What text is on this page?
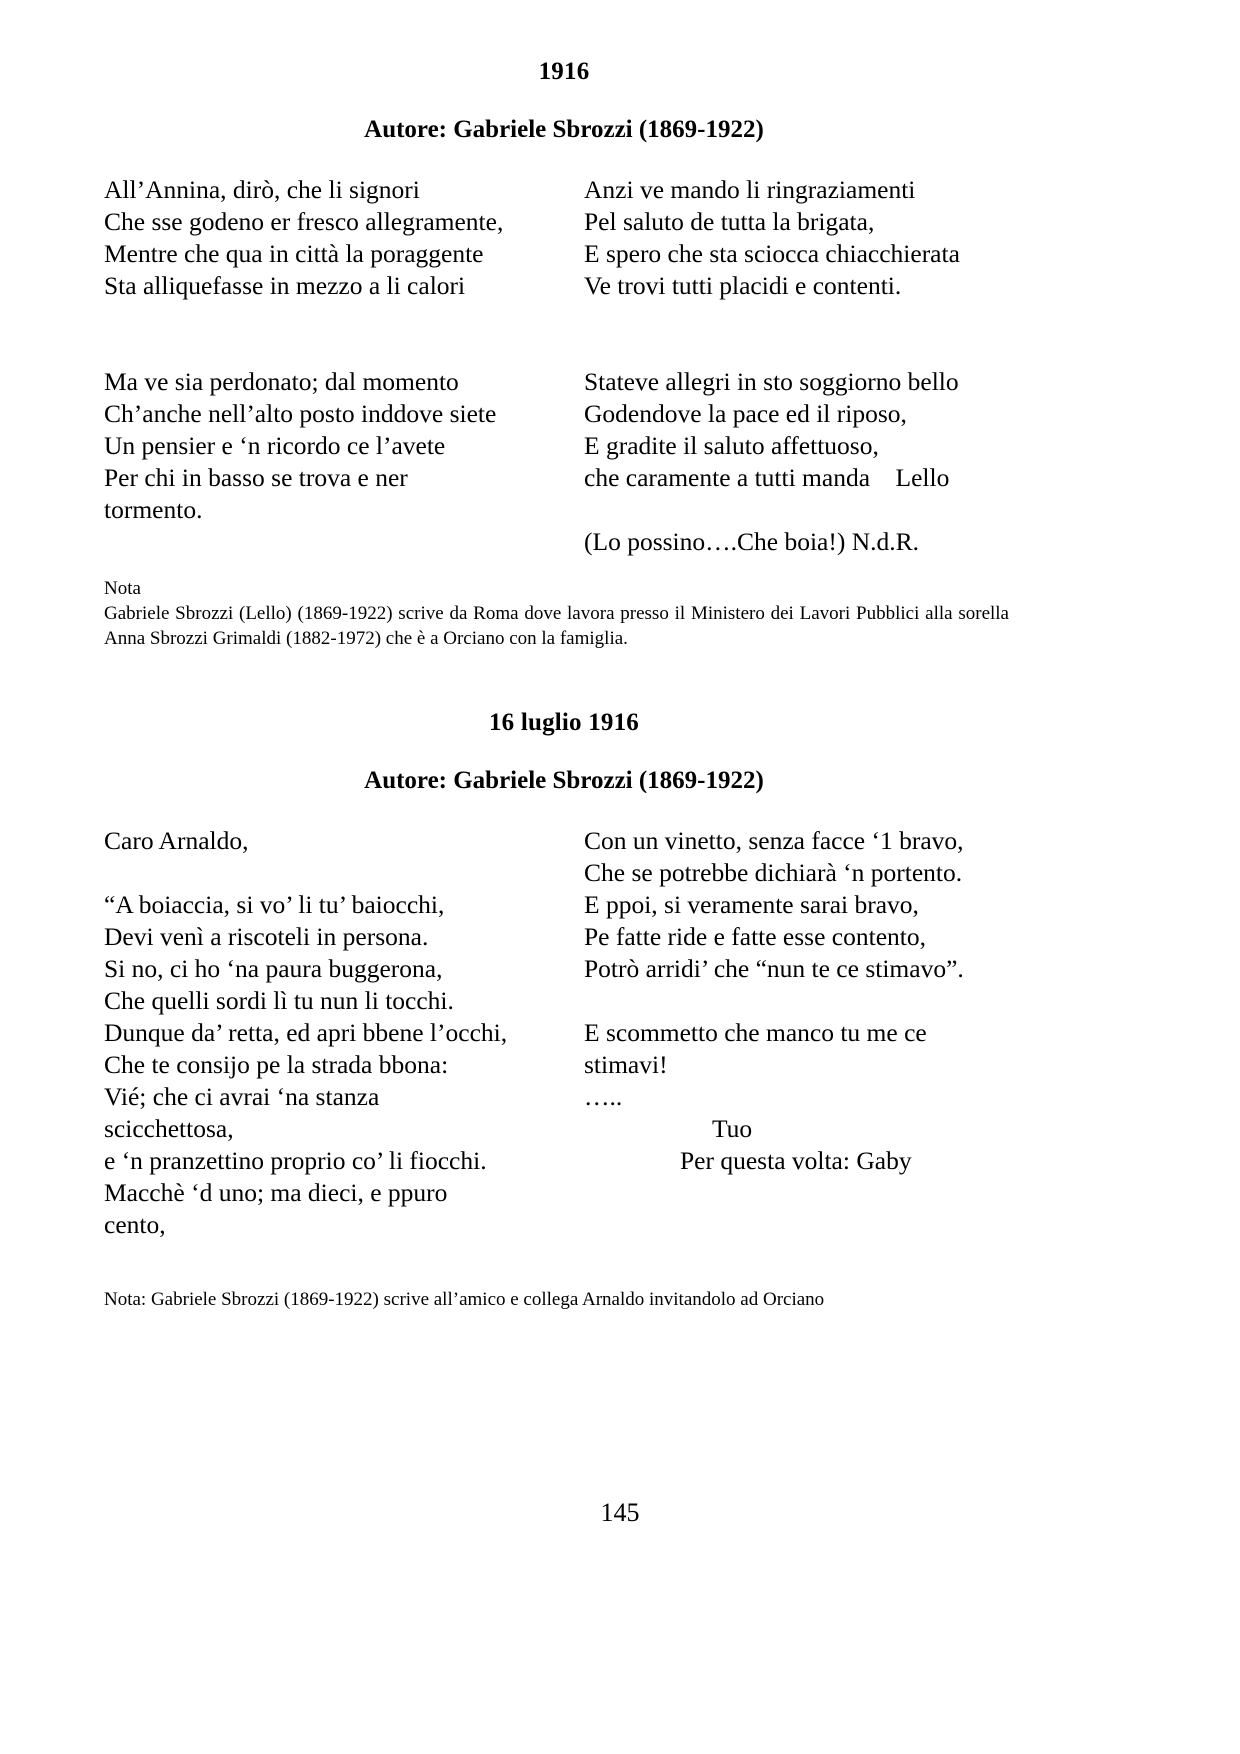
1916
Autore: Gabriele Sbrozzi (1869-1922)
All’Annina, dirò, che li signori
Che sse godeno er fresco allegramente,
Mentre che qua in città la poraggente
Sta alliquefasse in mezzo a li calori
Ma ve sia perdonato; dal momento
Ch’anche nell’alto posto inddove siete
Un pensier e ‘n ricordo ce l’avete
Per chi in basso se trova e ner
tormento.
Anzi ve mando li ringraziamenti
Pel saluto de tutta la brigata,
E spero che sta sciocca chiacchierata
Ve trovi tutti placidi e contenti.
Stateve allegri in sto soggiorno bello
Godendove la pace ed il riposo,
E gradite il saluto affettuoso,
che caramente a tutti manda    Lello
(Lo possino….Che boia!) N.d.R.
Nota
Gabriele Sbrozzi (Lello) (1869-1922) scrive da Roma dove lavora presso il Ministero dei Lavori Pubblici alla sorella Anna Sbrozzi Grimaldi (1882-1972) che è a Orciano con la famiglia.
16 luglio 1916
Autore: Gabriele Sbrozzi (1869-1922)
Caro Arnaldo,
“A boiaccia, si vo’ li tu’ baiocchi,
Devi venì a riscoteli in persona.
Si no, ci ho ‘na paura buggerona,
Che quelli sordi lì tu nun li tocchi.
Dunque da’ retta, ed apri bbene l’occhi,
Che te consijo pe la strada bbona:
Vié; che ci avrai ‘na stanza
scicchettosa,
e ‘n pranzettino proprio co’ li fiocchi.
Macchè ‘d uno; ma dieci, e ppuro
cento,
Con un vinetto, senza facce ‘1 bravo,
Che se potrebbe dichiarà ‘n portento.
E ppoi, si veramente sarai bravo,
Pe fatte ride e fatte esse contento,
Potrò arridi’ che “nun te ce stimavo”.
E scommetto che manco tu me ce
stimavi!
…..
Tuo
Per questa volta: Gaby
Nota: Gabriele Sbrozzi (1869-1922) scrive all’amico e collega Arnaldo invitandolo ad Orciano
145
